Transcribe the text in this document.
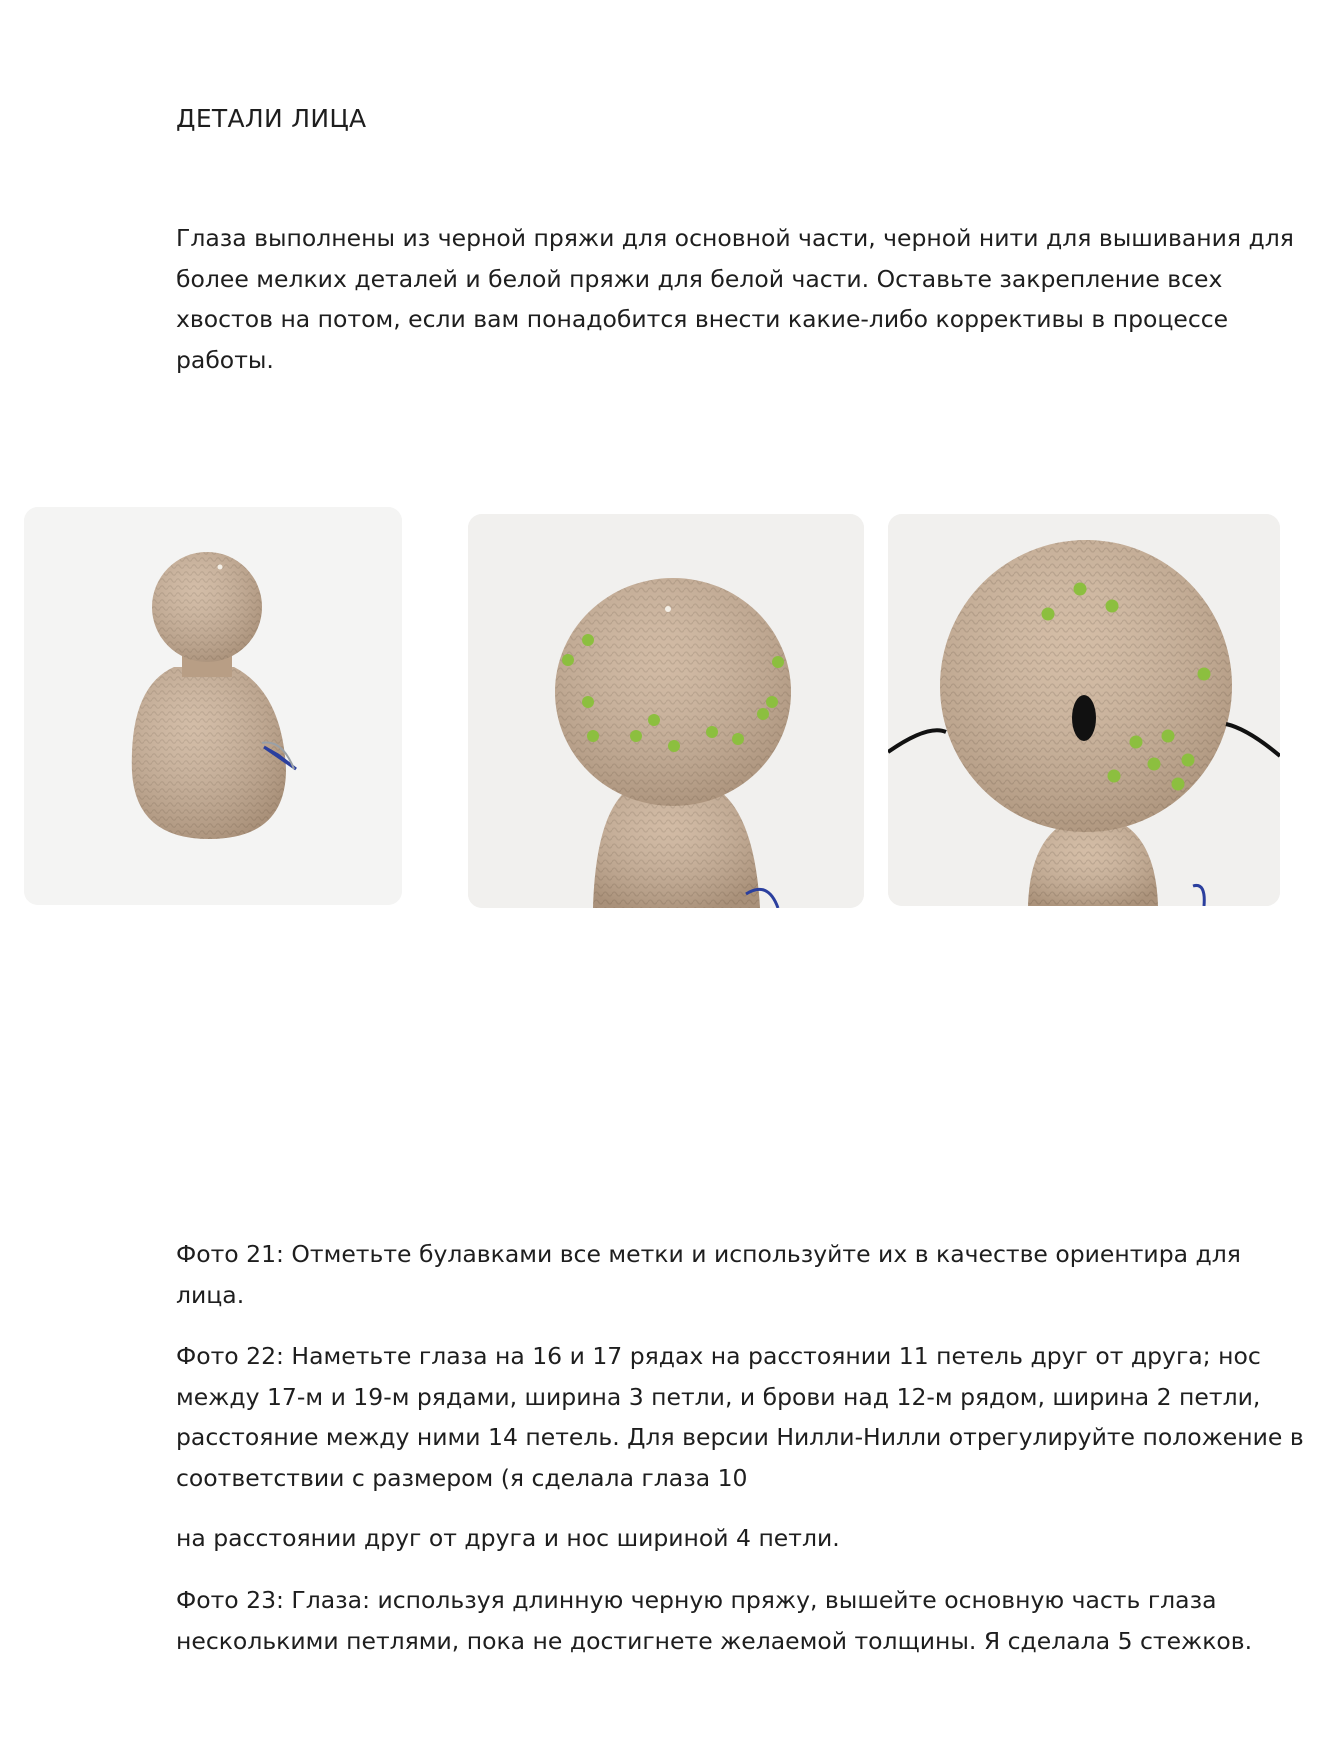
ДЕТАЛИ ЛИЦА

Глаза выполнены из черной пряжи для основной части, черной нити для вышивания для более мелких деталей и белой пряжи для белой части. Оставьте закрепление всех хвостов на потом, если вам понадобится внести какие-либо коррективы в процессе работы.

Фото 21: Отметьте булавками все метки и используйте их в качестве ориентира для лица.

Фото 22: Наметьте глаза на 16 и 17 рядах на расстоянии 11 петель друг от друга; нос между 17-м и 19-м рядами, ширина 3 петли, и брови над 12-м рядом, ширина 2 петли, расстояние между ними 14 петель. Для версии Нилли-Нилли отрегулируйте положение в соответствии с размером (я сделала глаза 10

на расстоянии друг от друга и нос шириной 4 петли.

Фото 23: Глаза: используя длинную черную пряжу, вышейте основную часть глаза несколькими петлями, пока не достигнете желаемой толщины. Я сделала 5 стежков.
